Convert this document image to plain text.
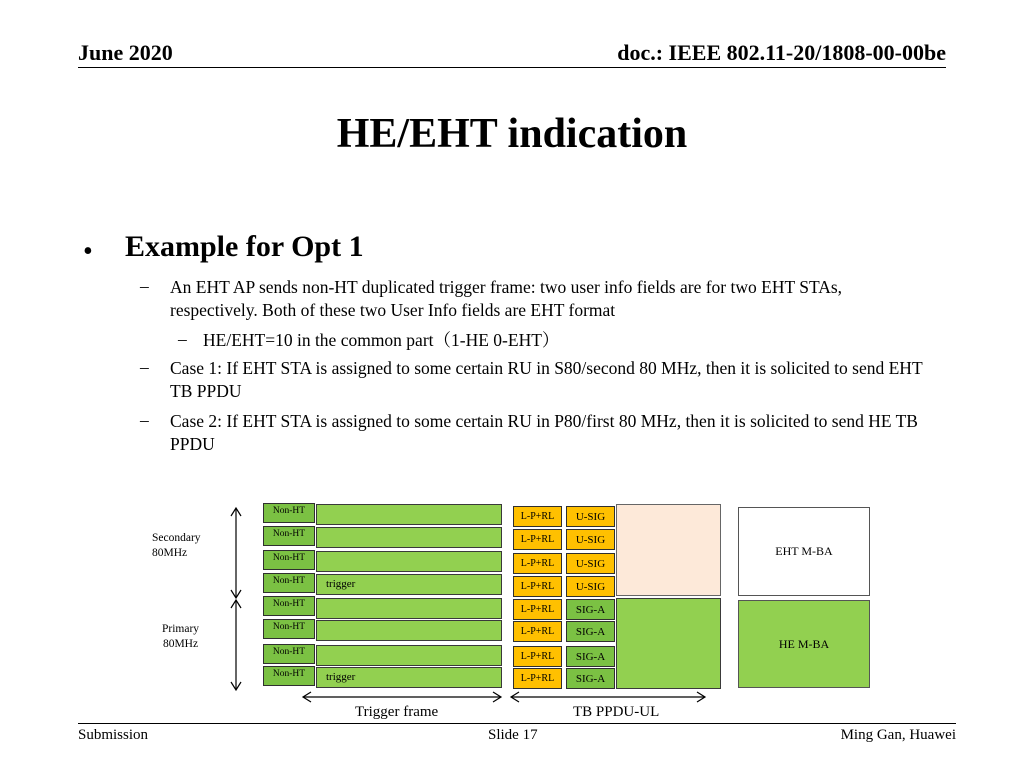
June 2020	doc.: IEEE 802.11-20/1808-00-00be
HE/EHT indication
• Example for Opt 1
– An EHT AP sends non-HT duplicated trigger frame: two user info fields are for two EHT STAs, respectively. Both of these two User Info fields are EHT format
– HE/EHT=10 in the common part（1-HE 0-EHT）
– Case 1: If EHT STA is assigned to some certain RU in S80/second 80 MHz, then it is solicited to send EHT TB PPDU
– Case 2: If EHT STA is assigned to some certain RU in P80/first 80 MHz, then it is solicited to send HE TB PPDU
Secondary
80MHz
Primary
80MHz
Non-HT
Non-HT
Non-HT
Non-HT	trigger
Non-HT
Non-HT
Non-HT
Non-HT	trigger
L-P+RL
L-P+RL
L-P+RL
L-P+RL
L-P+RL
L-P+RL
L-P+RL
L-P+RL
U-SIG
U-SIG
U-SIG
U-SIG
SIG-A
SIG-A
SIG-A
SIG-A
EHT M-BA
HE M-BA
Trigger frame	TB PPDU-UL
Submission	Slide 17	Ming Gan, Huawei
